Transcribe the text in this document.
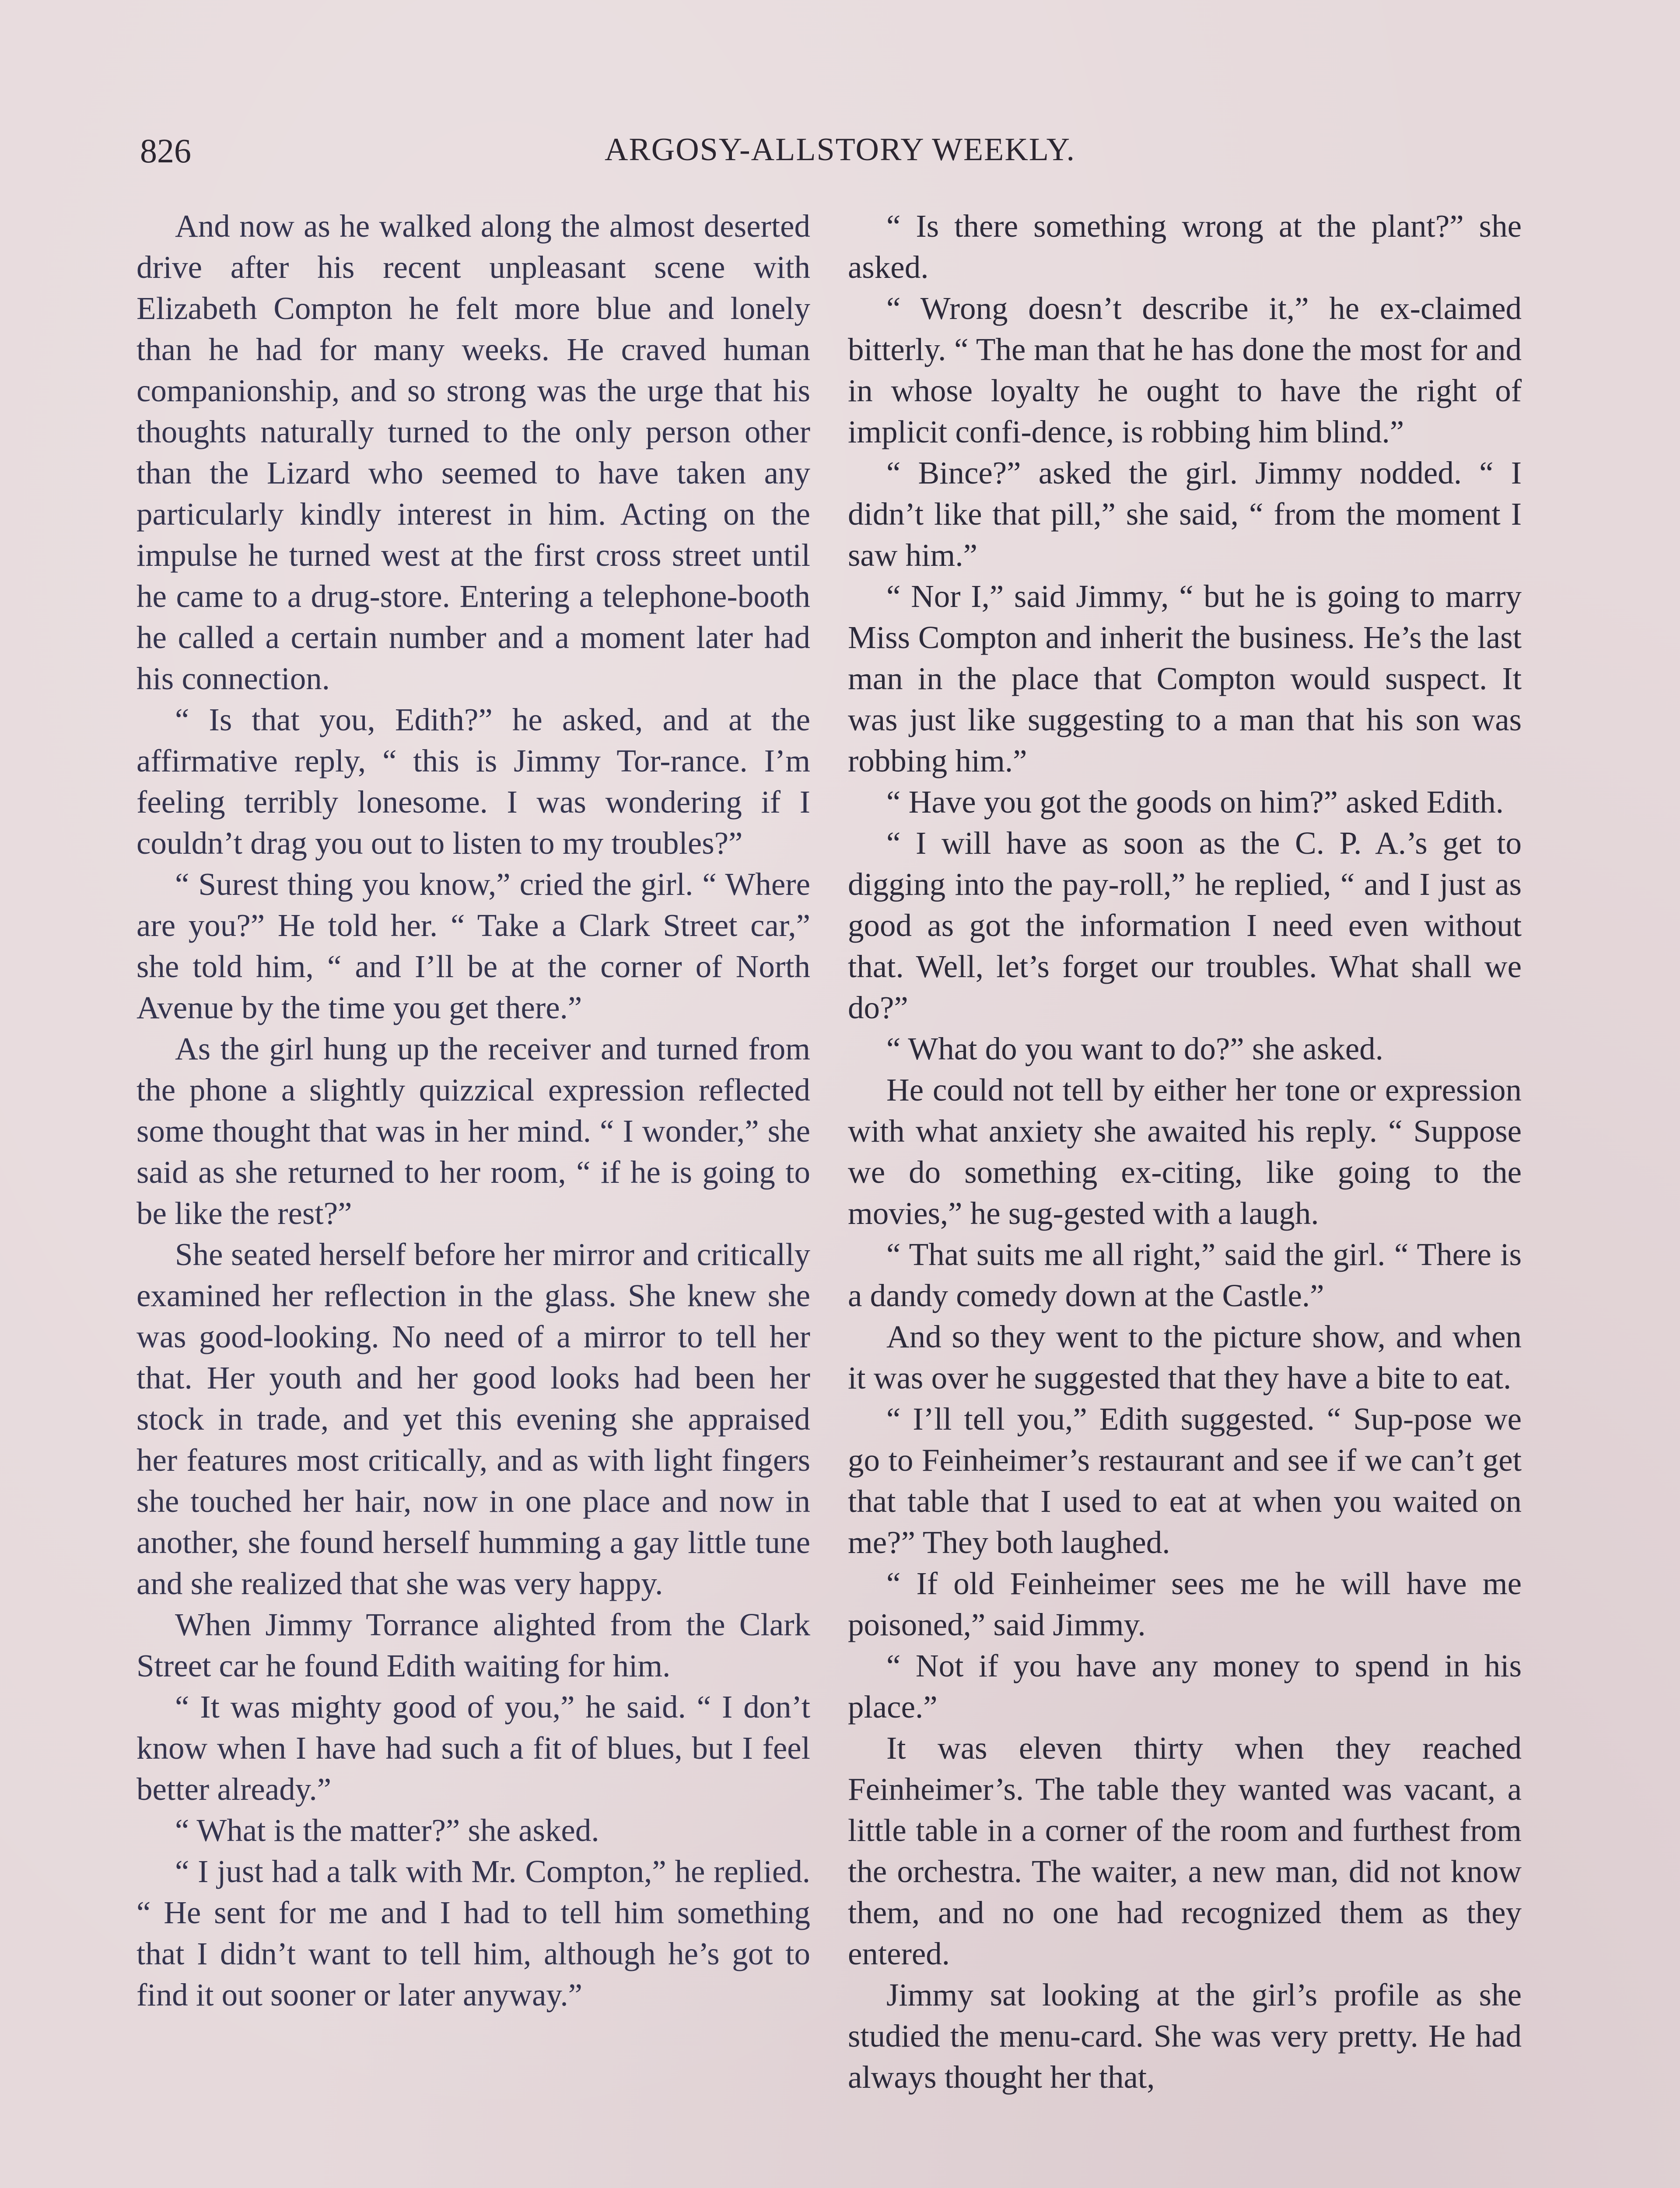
826	ARGOSY-ALLSTORY WEEKLY.

And now as he walked along the almost deserted drive after his recent unpleasant scene with Elizabeth Compton he felt more blue and lonely than he had for many weeks. He craved human companionship, and so strong was the urge that his thoughts naturally turned to the only person other than the Lizard who seemed to have taken any particularly kindly interest in him. Acting on the impulse he turned west at the first cross street until he came to a drug-store. Entering a telephone-booth he called a certain number and a moment later had his connection.

“ Is that you, Edith?” he asked, and at the affirmative reply, “ this is Jimmy Tor-rance. I’m feeling terribly lonesome. I was wondering if I couldn’t drag you out to listen to my troubles?”

“ Surest thing you know,” cried the girl. “ Where are you?” He told her. “ Take a Clark Street car,” she told him, “ and I’ll be at the corner of North Avenue by the time you get there.”

As the girl hung up the receiver and turned from the phone a slightly quizzical expression reflected some thought that was in her mind. “ I wonder,” she said as she returned to her room, “ if he is going to be like the rest?”

She seated herself before her mirror and critically examined her reflection in the glass. She knew she was good-looking. No need of a mirror to tell her that. Her youth and her good looks had been her stock in trade, and yet this evening she appraised her features most critically, and as with light fingers she touched her hair, now in one place and now in another, she found herself humming a gay little tune and she realized that she was very happy.

When Jimmy Torrance alighted from the Clark Street car he found Edith waiting for him.

“ It was mighty good of you,” he said. “ I don’t know when I have had such a fit of blues, but I feel better already.”

“ What is the matter?” she asked.

“ I just had a talk with Mr. Compton,” he replied. “ He sent for me and I had to tell him something that I didn’t want to tell him, although he’s got to find it out sooner or later anyway.”

“ Is there something wrong at the plant?” she asked.

“ Wrong doesn’t describe it,” he ex-claimed bitterly. “ The man that he has done the most for and in whose loyalty he ought to have the right of implicit confi-dence, is robbing him blind.”

“ Bince?” asked the girl. Jimmy nodded. “ I didn’t like that pill,” she said, “ from the moment I saw him.”

“ Nor I,” said Jimmy, “ but he is going to marry Miss Compton and inherit the business. He’s the last man in the place that Compton would suspect. It was just like suggesting to a man that his son was robbing him.”

“ Have you got the goods on him?” asked Edith.

“ I will have as soon as the C. P. A.’s get to digging into the pay-roll,” he replied, “ and I just as good as got the information I need even without that. Well, let’s forget our troubles. What shall we do?”

“ What do you want to do?” she asked.

He could not tell by either her tone or expression with what anxiety she awaited his reply. “ Suppose we do something ex-citing, like going to the movies,” he sug-gested with a laugh.

“ That suits me all right,” said the girl. “ There is a dandy comedy down at the Castle.”

And so they went to the picture show, and when it was over he suggested that they have a bite to eat.

“ I’ll tell you,” Edith suggested. “ Sup-pose we go to Feinheimer’s restaurant and see if we can’t get that table that I used to eat at when you waited on me?” They both laughed.

“ If old Feinheimer sees me he will have me poisoned,” said Jimmy.

“ Not if you have any money to spend in his place.”

It was eleven thirty when they reached Feinheimer’s. The table they wanted was vacant, a little table in a corner of the room and furthest from the orchestra. The waiter, a new man, did not know them, and no one had recognized them as they entered.

Jimmy sat looking at the girl’s profile as she studied the menu-card. She was very pretty. He had always thought her that,
